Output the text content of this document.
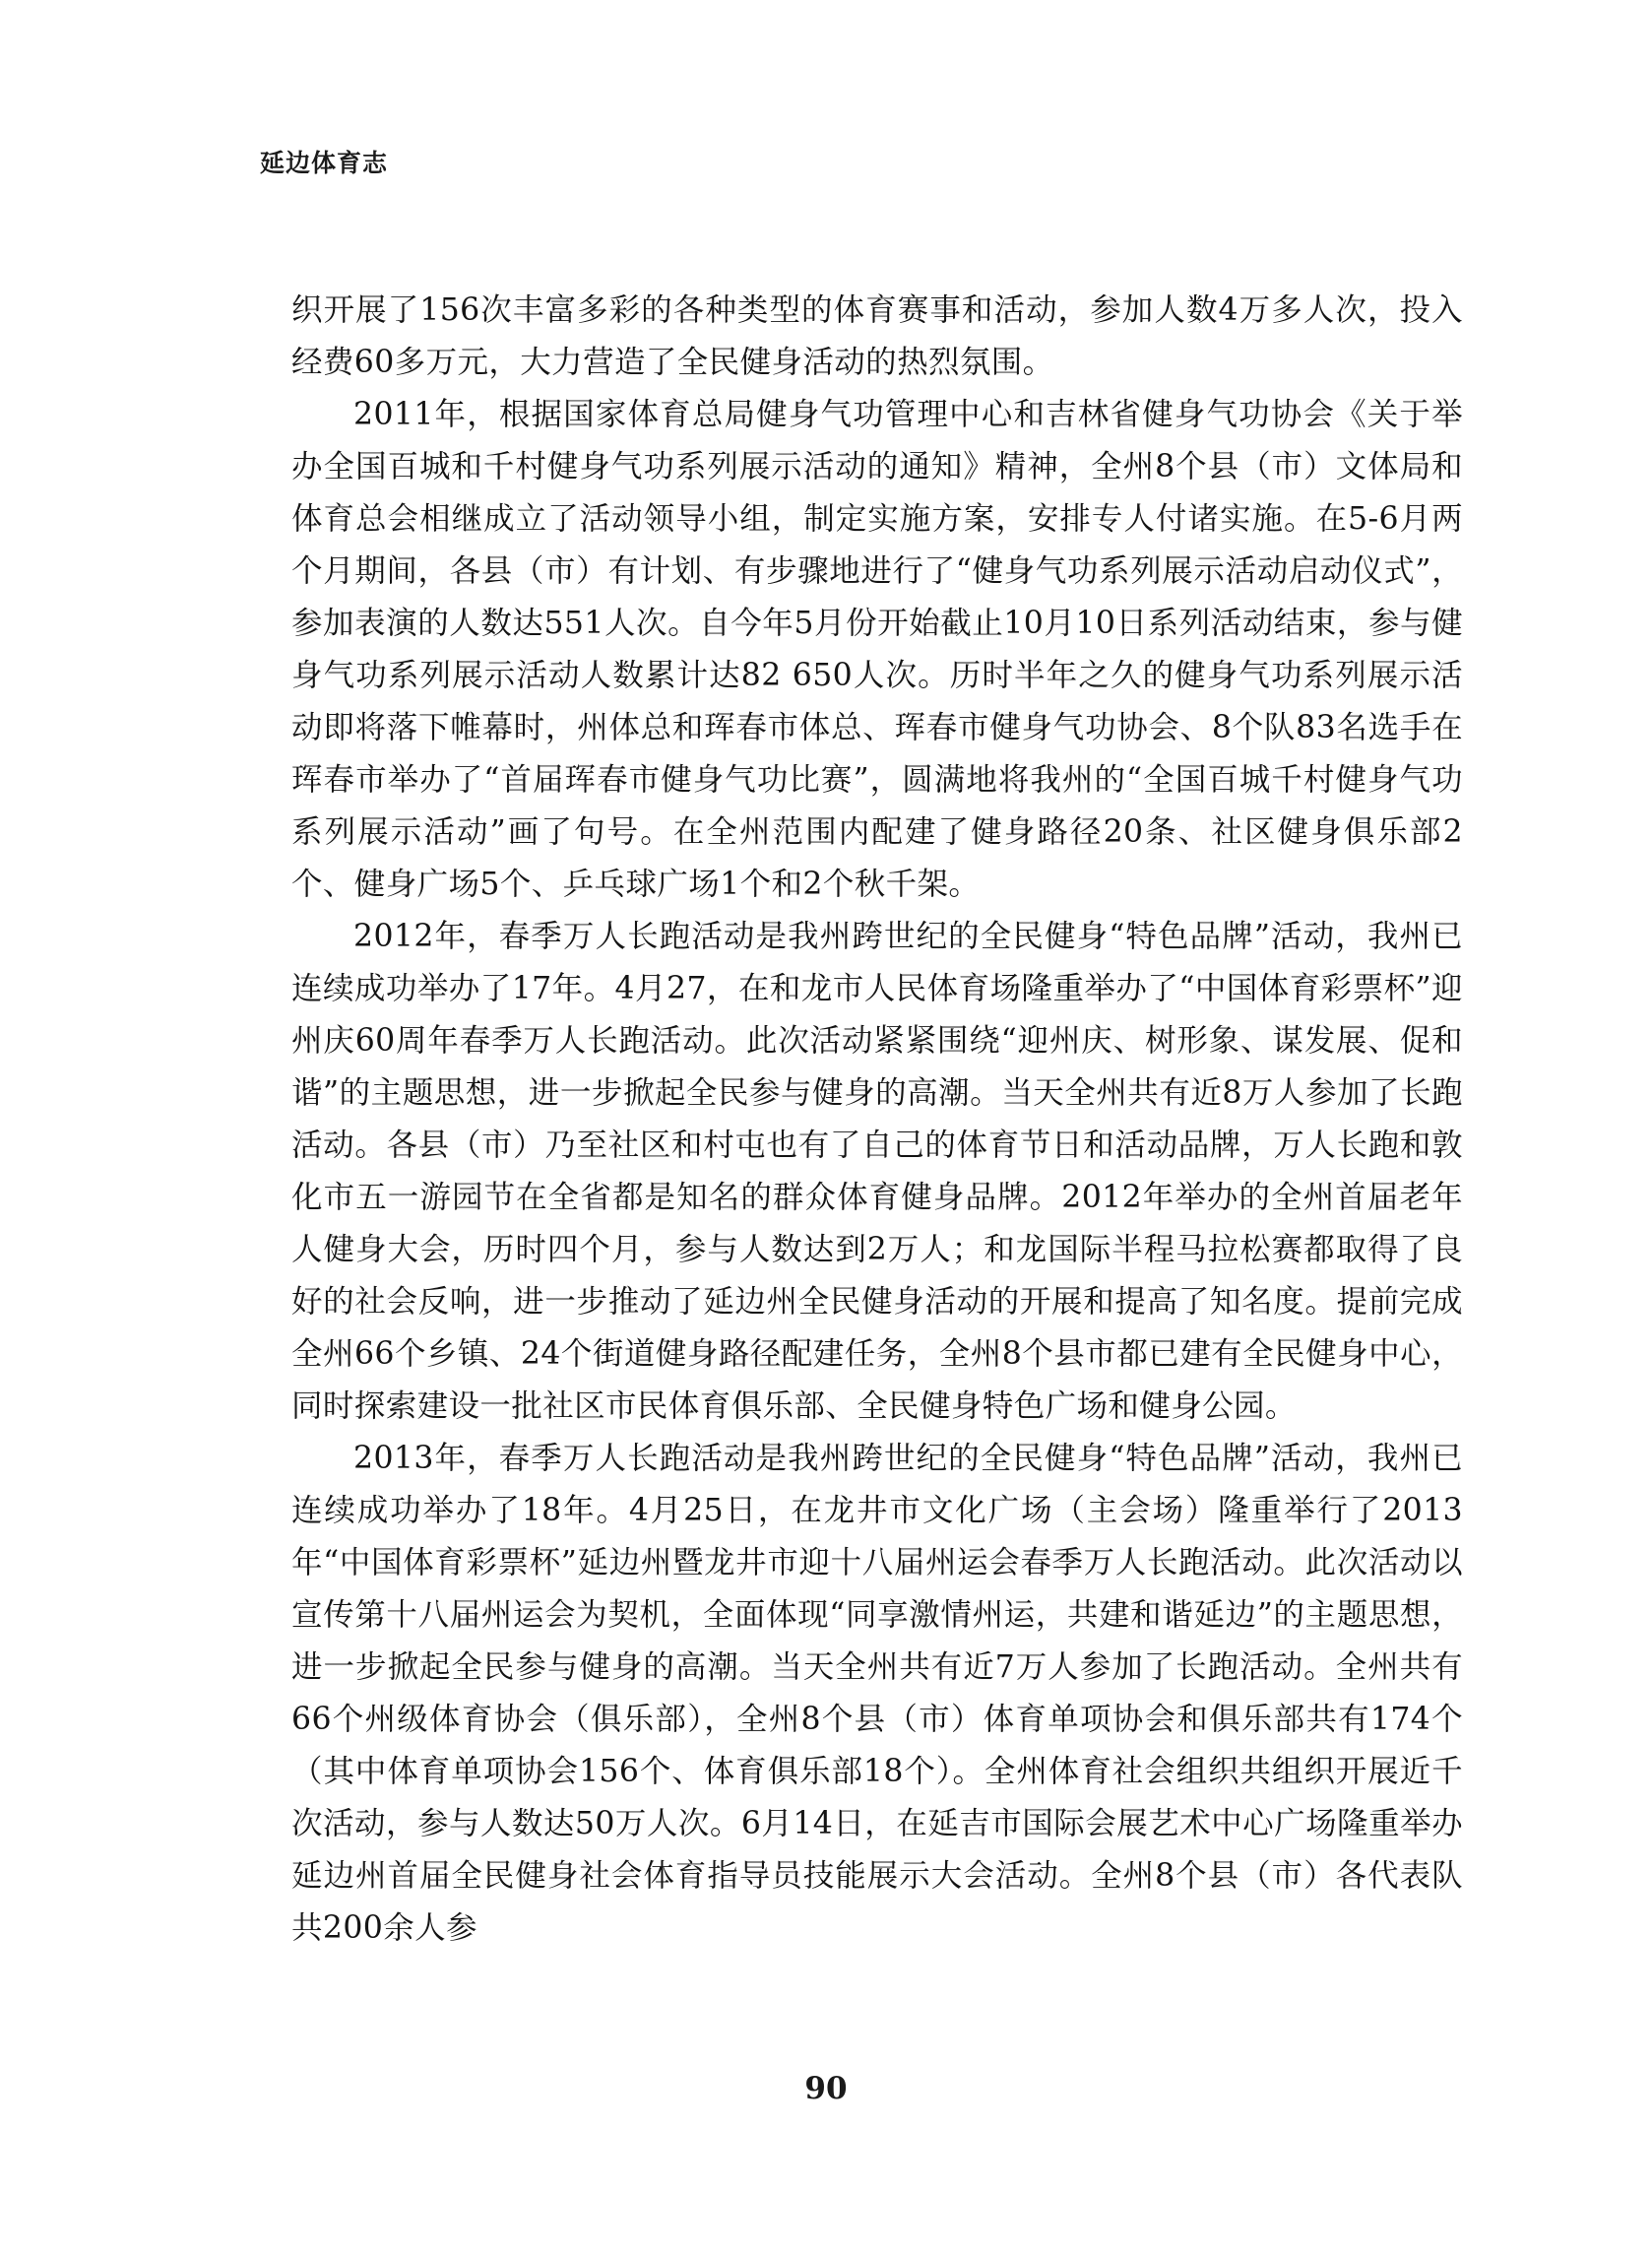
延边体育志

织开展了156次丰富多彩的各种类型的体育赛事和活动，参加人数4万多人次，投入经费60多万元，大力营造了全民健身活动的热烈氛围。

2011年，根据国家体育总局健身气功管理中心和吉林省健身气功协会《关于举办全国百城和千村健身气功系列展示活动的通知》精神，全州8个县（市）文体局和体育总会相继成立了活动领导小组，制定实施方案，安排专人付诸实施。在5-6月两个月期间，各县（市）有计划、有步骤地进行了“健身气功系列展示活动启动仪式”，参加表演的人数达551人次。自今年5月份开始截止10月10日系列活动结束，参与健身气功系列展示活动人数累计达82 650人次。历时半年之久的健身气功系列展示活动即将落下帷幕时，州体总和珲春市体总、珲春市健身气功协会、8个队83名选手在珲春市举办了“首届珲春市健身气功比赛”，圆满地将我州的“全国百城千村健身气功系列展示活动”画了句号。在全州范围内配建了健身路径20条、社区健身俱乐部2个、健身广场5个、乒乓球广场1个和2个秋千架。

2012年，春季万人长跑活动是我州跨世纪的全民健身“特色品牌”活动，我州已连续成功举办了17年。4月27，在和龙市人民体育场隆重举办了“中国体育彩票杯”迎州庆60周年春季万人长跑活动。此次活动紧紧围绕“迎州庆、树形象、谋发展、促和谐”的主题思想，进一步掀起全民参与健身的高潮。当天全州共有近8万人参加了长跑活动。各县（市）乃至社区和村屯也有了自己的体育节日和活动品牌，万人长跑和敦化市五一游园节在全省都是知名的群众体育健身品牌。2012年举办的全州首届老年人健身大会，历时四个月，参与人数达到2万人；和龙国际半程马拉松赛都取得了良好的社会反响，进一步推动了延边州全民健身活动的开展和提高了知名度。提前完成全州66个乡镇、24个街道健身路径配建任务，全州8个县市都已建有全民健身中心，同时探索建设一批社区市民体育俱乐部、全民健身特色广场和健身公园。

2013年，春季万人长跑活动是我州跨世纪的全民健身“特色品牌”活动，我州已连续成功举办了18年。4月25日，在龙井市文化广场（主会场）隆重举行了2013年“中国体育彩票杯”延边州暨龙井市迎十八届州运会春季万人长跑活动。此次活动以宣传第十八届州运会为契机，全面体现“同享激情州运，共建和谐延边”的主题思想，进一步掀起全民参与健身的高潮。当天全州共有近7万人参加了长跑活动。全州共有66个州级体育协会（俱乐部），全州8个县（市）体育单项协会和俱乐部共有174个（其中体育单项协会156个、体育俱乐部18个）。全州体育社会组织共组织开展近千次活动，参与人数达50万人次。6月14日，在延吉市国际会展艺术中心广场隆重举办延边州首届全民健身社会体育指导员技能展示大会活动。全州8个县（市）各代表队共200余人参

90
